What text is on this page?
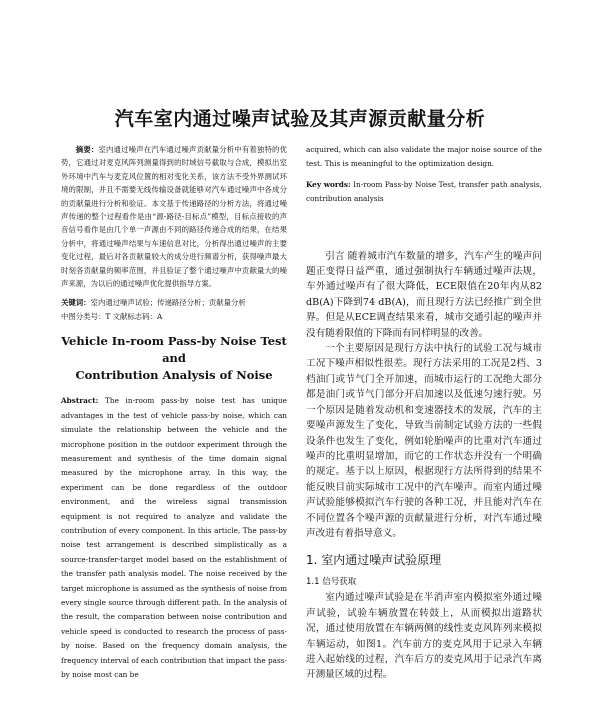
汽车室内通过噪声试验及其声源贡献量分析

摘要：室内通过噪声在汽车通过噪声贡献量分析中有着独特的优势，它通过对麦克风阵列测量得到的时域信号截取与合成，模拟出室外环境中汽车与麦克风位置的相对变化关系，该方法不受外界测试环境的限制，并且不需要无线传输设备就能够对汽车通过噪声中各成分的贡献量进行分析和验证。本文基于传递路径的分析方法，将通过噪声传递的整个过程看作是由“源-路径-目标点”模型，目标点接收的声音信号看作是由几个单一声源由不同的路径传递合成的结果，在结果分析中，将通过噪声结果与车速信息对比，分析得出通过噪声的主要变化过程，最后对各贡献量较大的成分进行频谱分析，获得噪声最大时刻各贡献量的频率范围，并且验证了整个通过噪声中贡献量大的噪声来源，为以后的通过噪声优化提供指导方案。

关键词：室内通过噪声试验；传递路径分析；贡献量分析

中图分类号：T 文献标志码：A

Vehicle In-room Pass-by Noise Test and

Contribution Analysis of Noise

Abstract: The in-room pass-by noise test has unique advantages in the test of vehicle pass-by noise, which can simulate the relationship between the vehicle and the microphone position in the outdoor experiment through the measurement and synthesis of the time domain signal measured by the microphone array. In this way, the experiment can be done regardless of the outdoor environment, and the wireless signal transmission equipment is not required to analyze and validate the contribution of every component. In this article, The pass-by noise test arrangement is described simplistically as a source-transfer-target model based on the establishment of the transfer path analysis model. The noise received by the target microphone is assumed as the synthesis of noise from every single source through different path. In the analysis of the result, the comparation between noise contribution and vehicle speed is conducted to research the process of pass-by noise. Based on the frequency domain analysis, the frequency interval of each contribution that impact the pass-by noise most can be

acquired, which can also validate the major noise source of the test. This is meaningful to the optimization design.

Key words: In-room Pass-by Noise Test, transfer path analysis, contribution analysis

引言 随着城市汽车数量的增多，汽车产生的噪声问题正变得日益严重，通过强制执行车辆通过噪声法规，车外通过噪声有了很大降低，ECE限值在20年内从82 dB(A)下降到74 dB(A)，而且现行方法已经推广到全世界。但是从ECE调查结果来看，城市交通引起的噪声并没有随着限值的下降而有同样明显的改善。

一个主要原因是现行方法中执行的试验工况与城市工况下噪声相似性很差。现行方法采用的工况是2档、3档油门或节气门全开加速，而城市运行的工况绝大部分都是油门或节气门部分开启加速以及低速匀速行驶。另一个原因是随着发动机和变速器技术的发展，汽车的主要噪声源发生了变化，导致当前制定试验方法的一些假设条件也发生了变化，例如轮胎噪声的比重对汽车通过噪声的比重明显增加，而它的工作状态并没有一个明确的规定。基于以上原因，根据现行方法所得到的结果不能反映目前实际城市工况中的汽车噪声。而室内通过噪声试验能够模拟汽车行驶的各种工况，并且能对汽车在不同位置各个噪声源的贡献量进行分析，对汽车通过噪声改进有着指导意义。

1. 室内通过噪声试验原理

1.1 信号获取

室内通过噪声试验是在半消声室内模拟室外通过噪声试验，试验车辆放置在转鼓上，从而模拟出道路状况，通过使用放置在车辆两侧的线性麦克风阵列来模拟车辆运动，如图1。汽车前方的麦克风用于记录入车辆进入起始线的过程，汽车后方的麦克风用于记录汽车离开测量区域的过程。
